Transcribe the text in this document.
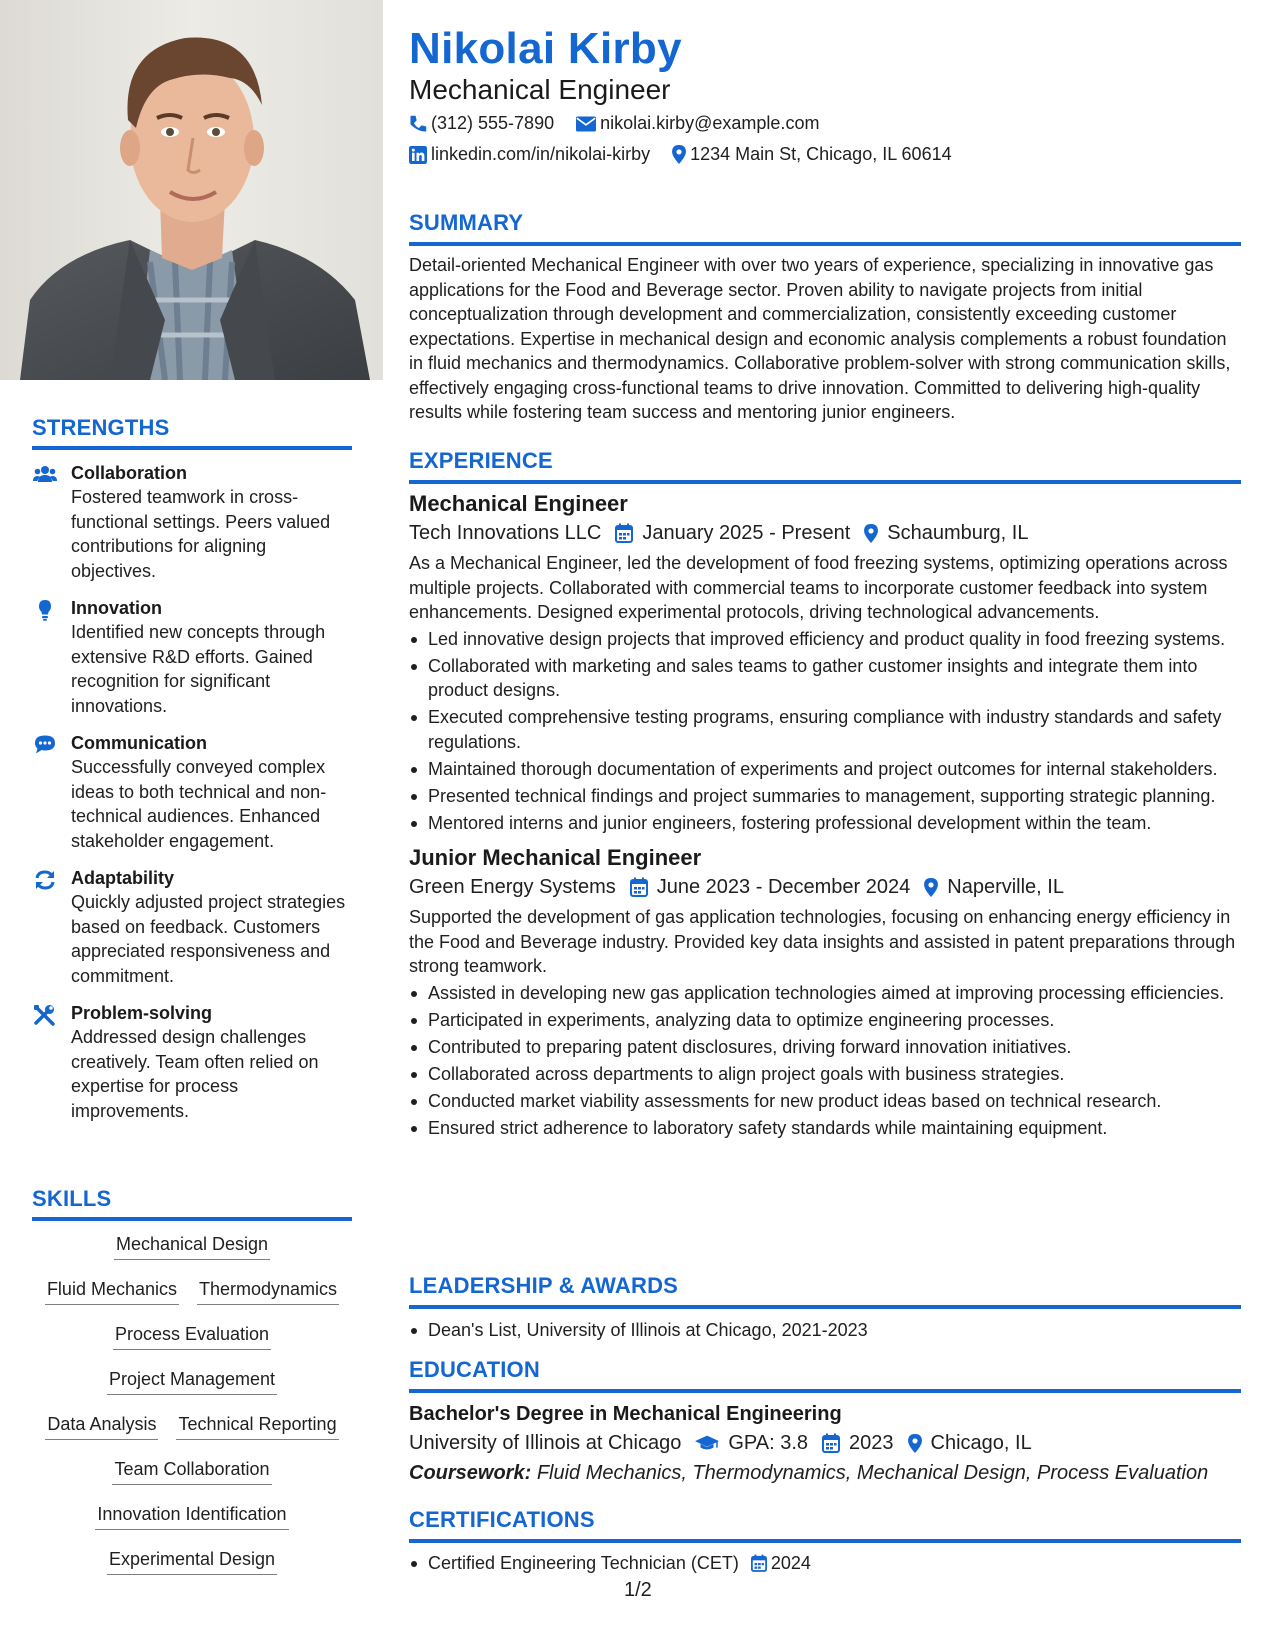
STRENGTHS
Collaboration
Fostered teamwork in cross-functional settings. Peers valued contributions for aligning objectives.
Innovation
Identified new concepts through extensive R&D efforts. Gained recognition for significant innovations.
Communication
Successfully conveyed complex ideas to both technical and non-technical audiences. Enhanced stakeholder engagement.
Adaptability
Quickly adjusted project strategies based on feedback. Customers appreciated responsiveness and commitment.
Problem-solving
Addressed design challenges creatively. Team often relied on expertise for process improvements.
SKILLS
Mechanical Design
Fluid Mechanics Thermodynamics
Process Evaluation
Project Management
Data Analysis Technical Reporting
Team Collaboration
Innovation Identification
Experimental Design
Nikolai Kirby
Mechanical Engineer
(312) 555-7890	nikolai.kirby@example.com
linkedin.com/in/nikolai-kirby 1234 Main St, Chicago, IL 60614
SUMMARY
Detail-oriented Mechanical Engineer with over two years of experience, specializing in innovative gas applications for the Food and Beverage sector. Proven ability to navigate projects from initial conceptualization through development and commercialization, consistently exceeding customer expectations. Expertise in mechanical design and economic analysis complements a robust foundation in fluid mechanics and thermodynamics. Collaborative problem-solver with strong communication skills, effectively engaging cross-functional teams to drive innovation. Committed to delivering high-quality results while fostering team success and mentoring junior engineers.
EXPERIENCE
Mechanical Engineer
Tech Innovations LLC January 2025 - Present Schaumburg, IL
As a Mechanical Engineer, led the development of food freezing systems, optimizing operations across multiple projects. Collaborated with commercial teams to incorporate customer feedback into system enhancements. Designed experimental protocols, driving technological advancements.
Led innovative design projects that improved efficiency and product quality in food freezing systems.
Collaborated with marketing and sales teams to gather customer insights and integrate them into product designs.
Executed comprehensive testing programs, ensuring compliance with industry standards and safety regulations.
Maintained thorough documentation of experiments and project outcomes for internal stakeholders.
Presented technical findings and project summaries to management, supporting strategic planning.
Mentored interns and junior engineers, fostering professional development within the team.
Junior Mechanical Engineer
Green Energy Systems June 2023 - December 2024 Naperville, IL
Supported the development of gas application technologies, focusing on enhancing energy efficiency in the Food and Beverage industry. Provided key data insights and assisted in patent preparations through strong teamwork.
Assisted in developing new gas application technologies aimed at improving processing efficiencies.
Participated in experiments, analyzing data to optimize engineering processes.
Contributed to preparing patent disclosures, driving forward innovation initiatives.
Collaborated across departments to align project goals with business strategies.
Conducted market viability assessments for new product ideas based on technical research.
Ensured strict adherence to laboratory safety standards while maintaining equipment.
LEADERSHIP & AWARDS
Dean's List, University of Illinois at Chicago, 2021-2023
EDUCATION
Bachelor's Degree in Mechanical Engineering
University of Illinois at Chicago GPA: 3.8 2023 Chicago, IL
Coursework: Fluid Mechanics, Thermodynamics, Mechanical Design, Process Evaluation
CERTIFICATIONS
Certified Engineering Technician (CET) 2024
1/2
